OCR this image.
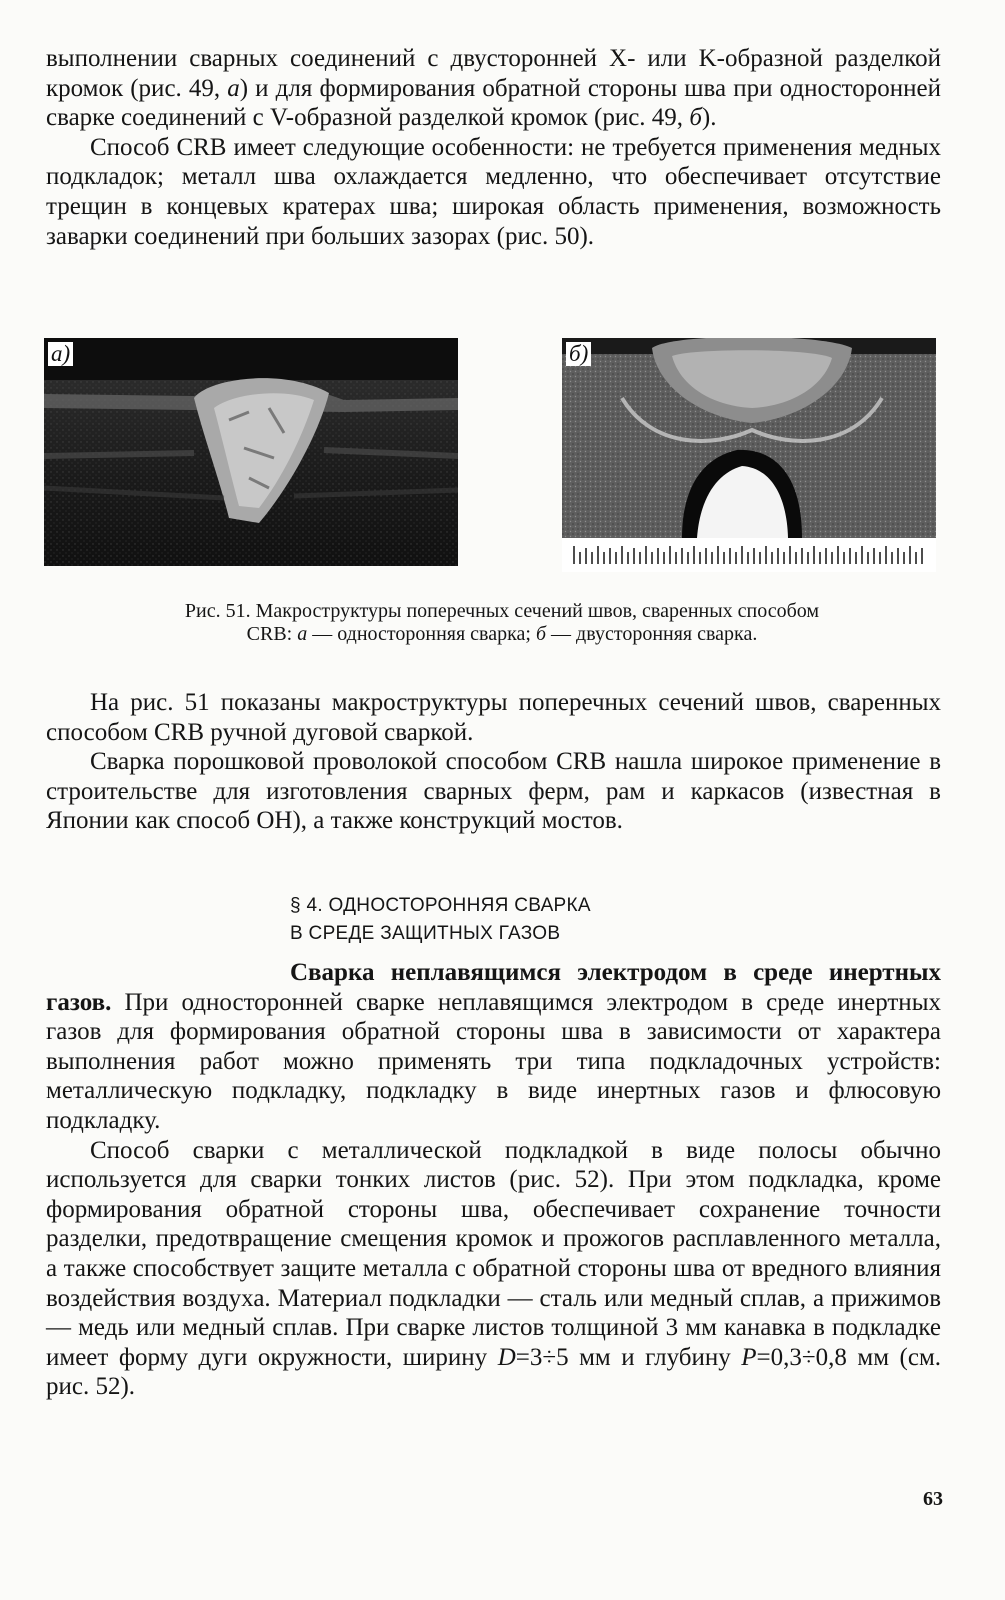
выполнении сварных соединений с двусторонней X- или K-образной разделкой кромок (рис. 49, а) и для формирования обратной стороны шва при односторонней сварке соединений с V-образной разделкой кромок (рис. 49, б).

Способ CRB имеет следующие особенности: не требуется применения медных подкладок; металл шва охлаждается медленно, что обеспечивает отсутствие трещин в концевых кратерах шва; широкая область применения, возможность заварки соединений при больших зазорах (рис. 50).

а)	б)
Рис. 51. Макроструктуры поперечных сечений швов, сваренных способом
CRB: а — односторонняя сварка; б — двусторонняя сварка.

На рис. 51 показаны макроструктуры поперечных сечений швов, сваренных способом CRB ручной дуговой сваркой.

Сварка порошковой проволокой способом CRB нашла широкое применение в строительстве для изготовления сварных ферм, рам и каркасов (известная в Японии как способ OH), а также конструкций мостов.

§ 4. ОДНОСТОРОННЯЯ СВАРКА
В СРЕДЕ ЗАЩИТНЫХ ГАЗОВ

Сварка неплавящимся электродом в среде инертных газов. При односторонней сварке неплавящимся электродом в среде инертных газов для формирования обратной стороны шва в зависимости от характера выполнения работ можно применять три типа подкладочных устройств: металлическую подкладку, подкладку в виде инертных газов и флюсовую подкладку.

Способ сварки с металлической подкладкой в виде полосы обычно используется для сварки тонких листов (рис. 52). При этом подкладка, кроме формирования обратной стороны шва, обеспечивает сохранение точности разделки, предотвращение смещения кромок и прожогов расплавленного металла, а также способствует защите металла с обратной стороны шва от вредного влияния воздействия воздуха. Материал подкладки — сталь или медный сплав, а прижимов — медь или медный сплав. При сварке листов толщиной 3 мм канавка в подкладке имеет форму дуги окружности, ширину D=3÷5 мм и глубину P=0,3÷0,8 мм (см. рис. 52).

63
